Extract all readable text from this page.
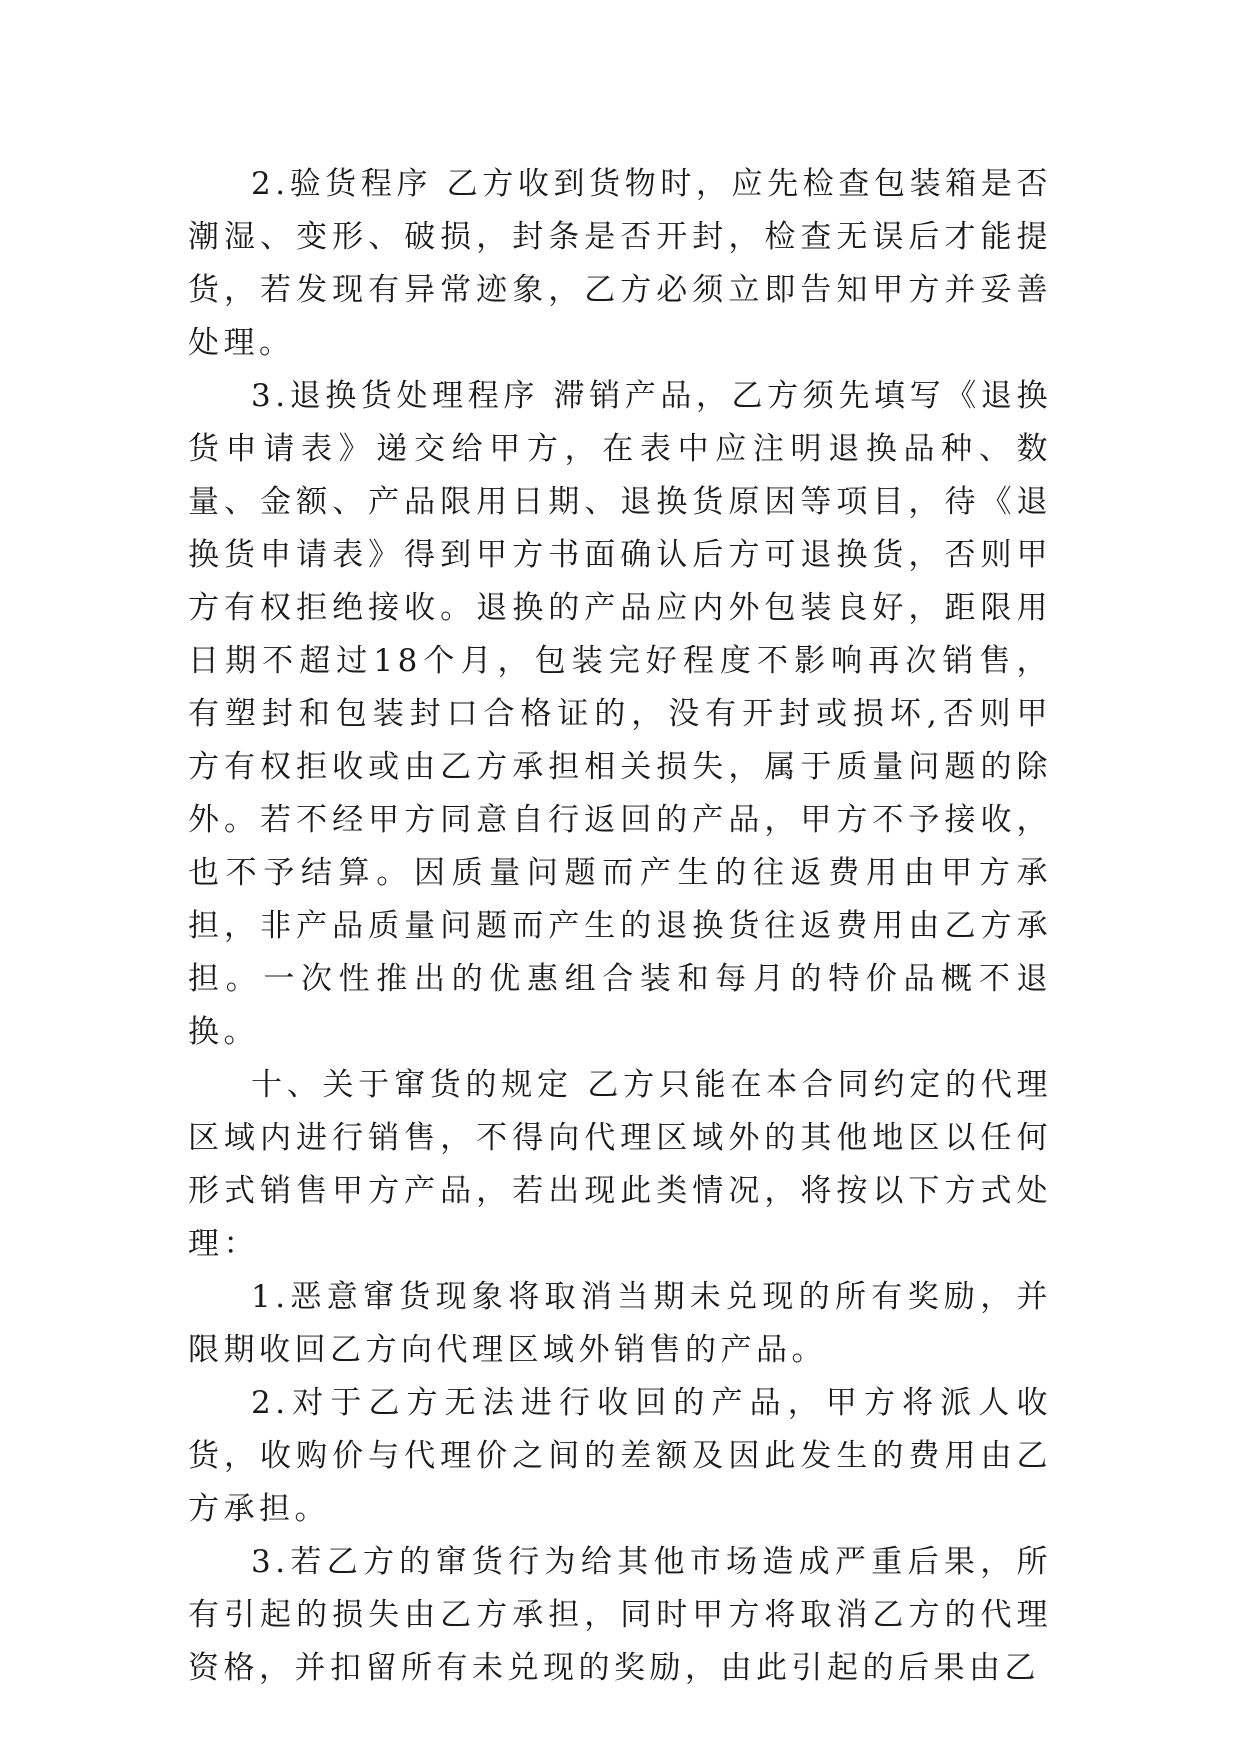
2.验货程序 乙方收到货物时，应先检查包装箱是否潮湿、变形、破损，封条是否开封，检查无误后才能提货，若发现有异常迹象，乙方必须立即告知甲方并妥善处理。

3.退换货处理程序 滞销产品，乙方须先填写《退换货申请表》递交给甲方，在表中应注明退换品种、数量、金额、产品限用日期、退换货原因等项目，待《退换货申请表》得到甲方书面确认后方可退换货，否则甲方有权拒绝接收。退换的产品应内外包装良好，距限用日期不超过18个月，包装完好程度不影响再次销售，有塑封和包装封口合格证的，没有开封或损坏,否则甲方有权拒收或由乙方承担相关损失，属于质量问题的除外。若不经甲方同意自行返回的产品，甲方不予接收，也不予结算。因质量问题而产生的往返费用由甲方承担，非产品质量问题而产生的退换货往返费用由乙方承担。一次性推出的优惠组合装和每月的特价品概不退换。

十、关于窜货的规定 乙方只能在本合同约定的代理区域内进行销售，不得向代理区域外的其他地区以任何形式销售甲方产品，若出现此类情况，将按以下方式处理：

1.恶意窜货现象将取消当期未兑现的所有奖励，并限期收回乙方向代理区域外销售的产品。

2.对于乙方无法进行收回的产品，甲方将派人收货，收购价与代理价之间的差额及因此发生的费用由乙方承担。

3.若乙方的窜货行为给其他市场造成严重后果，所有引起的损失由乙方承担，同时甲方将取消乙方的代理资格，并扣留所有未兑现的奖励，由此引起的后果由乙
